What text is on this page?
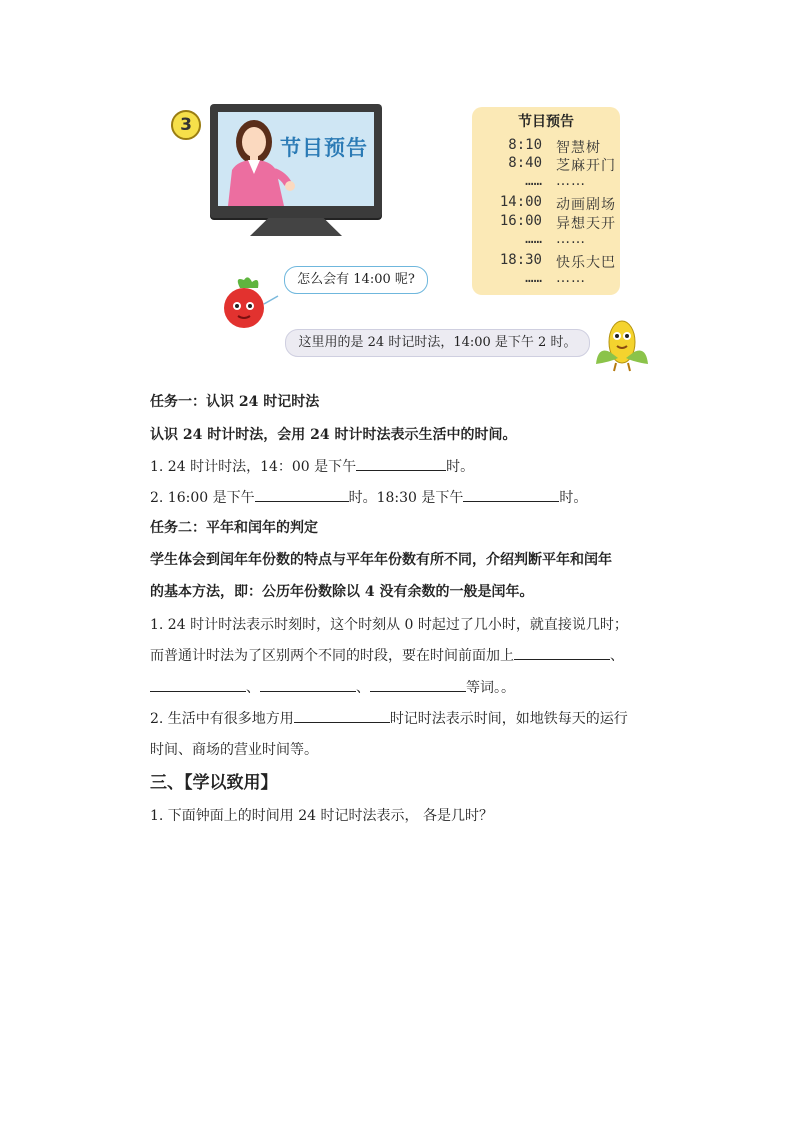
3
节目预告
节目预告
8:10 智慧树
8:40 芝麻开门
…… ……
14:00 动画剧场
16:00 异想天开
…… ……
18:30 快乐大巴
…… ……
怎么会有 14:00 呢?
这里用的是 24 时记时法，14:00 是下午 2 时。
任务一：认识 24 时记时法
认识 24 时计时法，会用 24 时计时法表示生活中的时间。
1. 24 时计时法，14：00 是下午	时。
2. 16:00 是下午	时。18:30 是下午	时。
任务二：平年和闰年的判定
学生体会到闰年年份数的特点与平年年份数有所不同，介绍判断平年和闰年
的基本方法，即：公历年份数除以 4 没有余数的一般是闰年。
1. 24 时计时法表示时刻时，这个时刻从 0 时起过了几小时，就直接说几时；
而普通计时法为了区别两个不同的时段，要在时间前面加上	、
、	、	等词。。
2. 生活中有很多地方用	时记时法表示时间，如地铁每天的运行
时间、商场的营业时间等。
三、【学以致用】
1. 下面钟面上的时间用 24 时记时法表示， 各是几时？
